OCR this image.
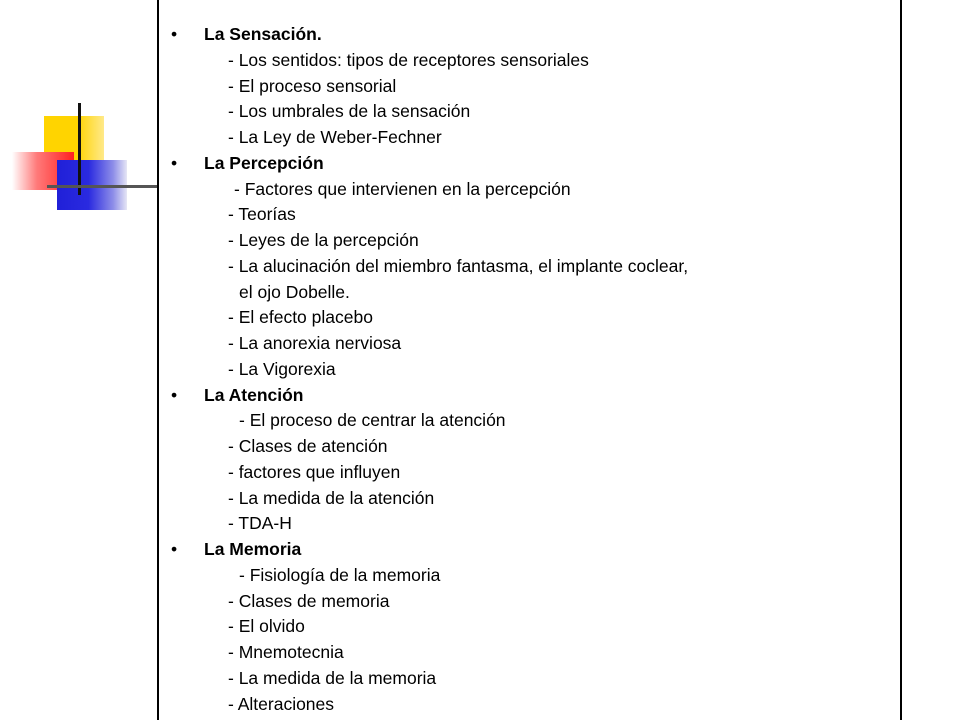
• La Sensación.
- Los sentidos: tipos de receptores sensoriales
- El proceso sensorial
- Los umbrales de la sensación
- La Ley de Weber-Fechner
• La Percepción
- Factores que intervienen en la percepción
- Teorías
- Leyes de la percepción
- La alucinación del miembro fantasma, el implante coclear,
el ojo Dobelle.
- El efecto placebo
- La anorexia nerviosa
- La Vigorexia
• La Atención
- El proceso de centrar la atención
- Clases de atención
- factores que influyen
- La medida de la atención
- TDA-H
• La Memoria
- Fisiología de la memoria
- Clases de memoria
- El olvido
- Mnemotecnia
- La medida de la memoria
- Alteraciones
